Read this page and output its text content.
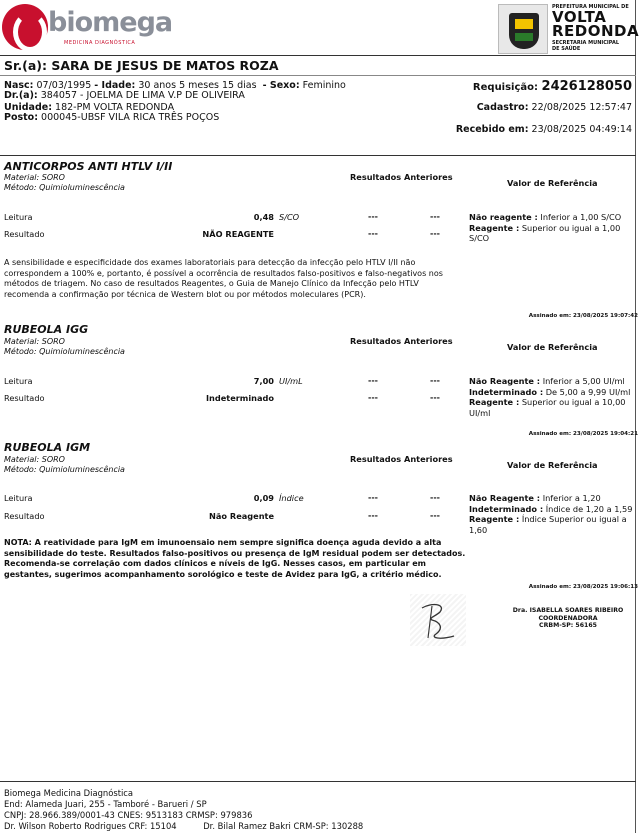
biomega
MEDICINA DIAGNÓSTICA
PREFEITURA MUNICIPAL DE
VOLTA
REDONDA
SECRETARIA MUNICIPAL
DE SAÚDE
Sr.(a): SARA DE JESUS DE MATOS ROZA
Nasc: 07/03/1995 - Idade: 30 anos 5 meses 15 dias - Sexo: Feminino
Dr.(a): 384057 - JOELMA DE LIMA V.P DE OLIVEIRA
Unidade: 182-PM VOLTA REDONDA
Posto: 000045-UBSF VILA RICA TRÊS POÇOS
Requisição: 2426128050
Cadastro: 22/08/2025 12:57:47
Recebido em: 23/08/2025 04:49:14
ANTICORPOS ANTI HTLV I/II
Material: SORO
Método: Quimioluminescência
Resultados Anteriores
Valor de Referência
Leitura	0,48 S/CO	---	---
Resultado	NÃO REAGENTE	---	---
Não reagente : Inferior a 1,00 S/CO
Reagente : Superior ou igual a 1,00 S/CO
A sensibilidade e especificidade dos exames laboratoriais para detecção da infecção pelo HTLV I/II não correspondem a 100% e, portanto, é possível a ocorrência de resultados falso-positivos e falso-negativos nos métodos de triagem. No caso de resultados Reagentes, o Guia de Manejo Clínico da Infecção pelo HTLV recomenda a confirmação por técnica de Western blot ou por métodos moleculares (PCR).
Assinado em: 23/08/2025 19:07:42
RUBEOLA IGG
Material: SORO
Método: Quimioluminescência
Resultados Anteriores
Valor de Referência
Leitura	7,00 UI/mL	---	---
Resultado	Indeterminado	---	---
Não Reagente : Inferior a 5,00 UI/ml
Indeterminado : De 5,00 a 9,99 UI/ml
Reagente : Superior ou igual a 10,00 UI/ml
Assinado em: 23/08/2025 19:04:21
RUBEOLA IGM
Material: SORO
Método: Quimioluminescência
Resultados Anteriores
Valor de Referência
Leitura	0,09 Índice	---	---
Resultado	Não Reagente	---	---
Não Reagente : Inferior a 1,20
Indeterminado : Índice de 1,20 a 1,59
Reagente : Índice Superior ou igual a 1,60
NOTA: A reatividade para IgM em imunoensaio nem sempre significa doença aguda devido a alta sensibilidade do teste. Resultados falso-positivos ou presença de IgM residual podem ser detectados. Recomenda-se correlação com dados clínicos e níveis de IgG. Nesses casos, em particular em gestantes, sugerimos acompanhamento sorológico e teste de Avidez para IgG, a critério médico.
Assinado em: 23/08/2025 19:06:13
Dra. ISABELLA SOARES RIBEIRO
COORDENADORA
CRBM-SP: 56165
Biomega Medicina Diagnóstica
End: Alameda Juari, 255 - Tamboré - Barueri / SP
CNPJ: 28.966.389/0001-43 CNES: 9513183 CRMSP: 979836
Dr. Wilson Roberto Rodrigues CRF: 15104          Dr. Bilal Ramez Bakri CRM-SP: 130288
